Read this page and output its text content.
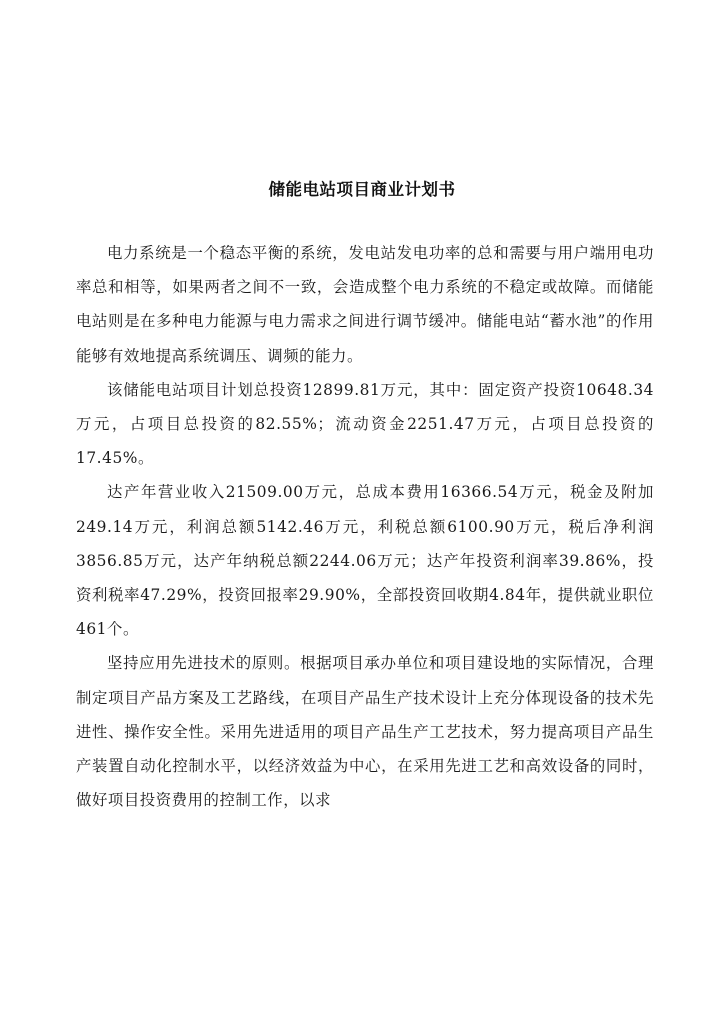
储能电站项目商业计划书

电力系统是一个稳态平衡的系统，发电站发电功率的总和需要与用户端用电功率总和相等，如果两者之间不一致，会造成整个电力系统的不稳定或故障。而储能电站则是在多种电力能源与电力需求之间进行调节缓冲。储能电站“蓄水池”的作用能够有效地提高系统调压、调频的能力。

该储能电站项目计划总投资12899.81万元，其中：固定资产投资10648.34万元，占项目总投资的82.55%；流动资金2251.47万元，占项目总投资的17.45%。

达产年营业收入21509.00万元，总成本费用16366.54万元，税金及附加249.14万元，利润总额5142.46万元，利税总额6100.90万元，税后净利润3856.85万元，达产年纳税总额2244.06万元；达产年投资利润率39.86%，投资利税率47.29%，投资回报率29.90%，全部投资回收期4.84年，提供就业职位461个。

坚持应用先进技术的原则。根据项目承办单位和项目建设地的实际情况，合理制定项目产品方案及工艺路线，在项目产品生产技术设计上充分体现设备的技术先进性、操作安全性。采用先进适用的项目产品生产工艺技术，努力提高项目产品生产装置自动化控制水平，以经济效益为中心，在采用先进工艺和高效设备的同时，做好项目投资费用的控制工作，以求
